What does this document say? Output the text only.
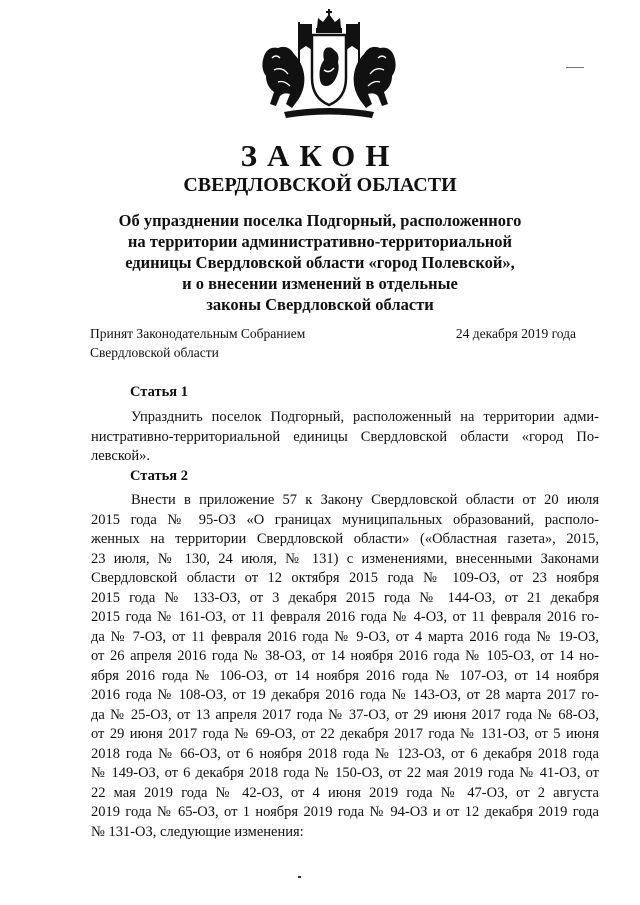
ЗАКОН
СВЕРДЛОВСКОЙ ОБЛАСТИ
Об упразднении поселка Подгорный, расположенного
на территории административно-территориальной
единицы Свердловской области «город Полевской»,
и о внесении изменений в отдельные
законы Свердловской области
Принят Законодательным Собранием
Свердловской области
24 декабря 2019 года
Статья 1
Упразднить поселок Подгорный, расположенный на территории адми-
нистративно-территориальной единицы Свердловской области «город По-
левской».
Статья 2
Внести в приложение 57 к Закону Свердловской области от 20 июля
2015 года № 95-ОЗ «О границах муниципальных образований, располо-
женных на территории Свердловской области» («Областная газета», 2015,
23 июля, № 130, 24 июля, № 131) с изменениями, внесенными Законами
Свердловской области от 12 октября 2015 года № 109-ОЗ, от 23 ноября
2015 года № 133-ОЗ, от 3 декабря 2015 года № 144-ОЗ, от 21 декабря
2015 года № 161-ОЗ, от 11 февраля 2016 года № 4-ОЗ, от 11 февраля 2016 го-
да № 7-ОЗ, от 11 февраля 2016 года № 9-ОЗ, от 4 марта 2016 года № 19-ОЗ,
от 26 апреля 2016 года № 38-ОЗ, от 14 ноября 2016 года № 105-ОЗ, от 14 но-
ября 2016 года № 106-ОЗ, от 14 ноября 2016 года № 107-ОЗ, от 14 ноября
2016 года № 108-ОЗ, от 19 декабря 2016 года № 143-ОЗ, от 28 марта 2017 го-
да № 25-ОЗ, от 13 апреля 2017 года № 37-ОЗ, от 29 июня 2017 года № 68-ОЗ,
от 29 июня 2017 года № 69-ОЗ, от 22 декабря 2017 года № 131-ОЗ, от 5 июня
2018 года № 66-ОЗ, от 6 ноября 2018 года № 123-ОЗ, от 6 декабря 2018 года
№ 149-ОЗ, от 6 декабря 2018 года № 150-ОЗ, от 22 мая 2019 года № 41-ОЗ, от
22 мая 2019 года № 42-ОЗ, от 4 июня 2019 года № 47-ОЗ, от 2 августа
2019 года № 65-ОЗ, от 1 ноября 2019 года № 94-ОЗ и от 12 декабря 2019 года
№ 131-ОЗ, следующие изменения:
